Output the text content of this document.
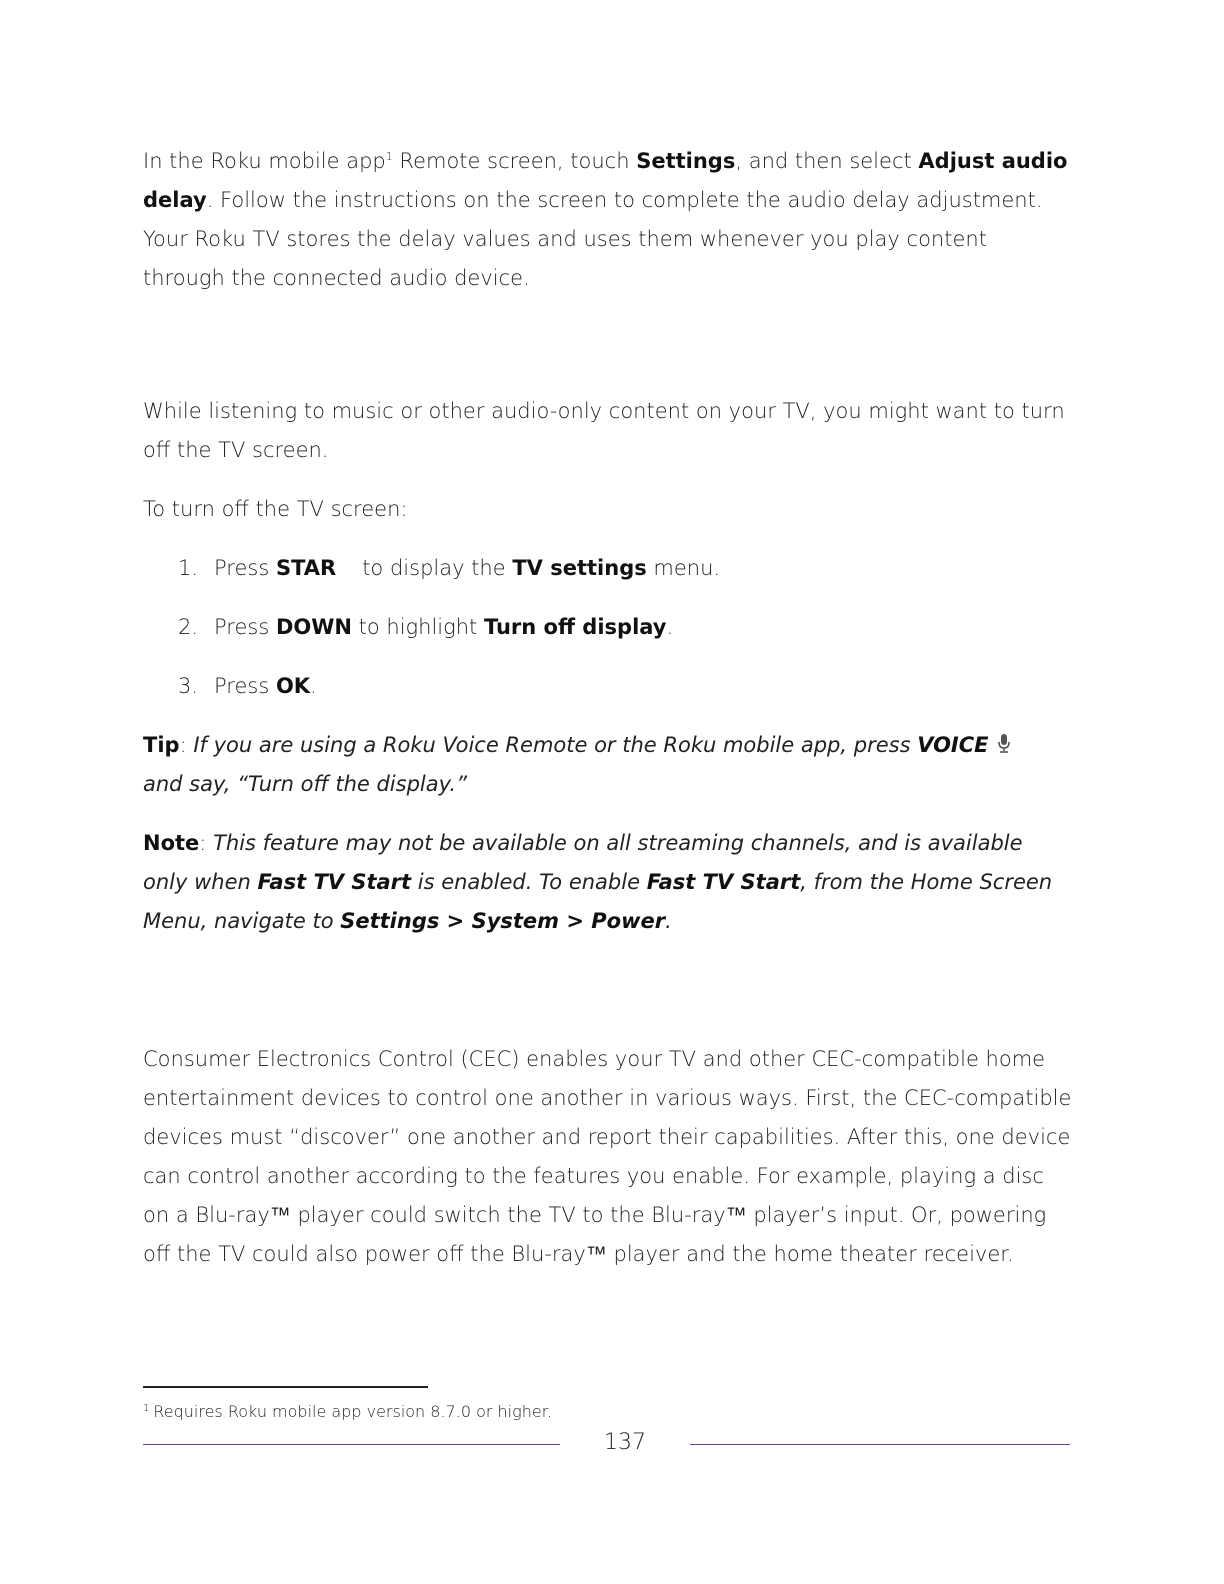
In the Roku mobile app$^1$ Remote screen, touch Settings, and then select Adjust audio delay. Follow the instructions on the screen to complete the audio delay adjustment. Your Roku TV stores the delay values and uses them whenever you play content through the connected audio device.

While listening to music or other audio-only content on your TV, you might want to turn off the TV screen.

To turn off the TV screen:

1. Press STAR to display the TV settings menu.
2. Press DOWN to highlight Turn off display.
3. Press OK.

Tip: If you are using a Roku Voice Remote or the Roku mobile app, press VOICE
and say, “Turn off the display.”

Note: This feature may not be available on all streaming channels, and is available only when Fast TV Start is enabled. To enable Fast TV Start, from the Home Screen Menu, navigate to Settings > System > Power.

Consumer Electronics Control (CEC) enables your TV and other CEC-compatible home entertainment devices to control one another in various ways. First, the CEC-compatible devices must “discover” one another and report their capabilities. After this, one device can control another according to the features you enable. For example, playing a disc on a Blu-ray™ player could switch the TV to the Blu-ray™ player’s input. Or, powering off the TV could also power off the Blu-ray™ player and the home theater receiver.

$^1$ Requires Roku mobile app version 8.7.0 or higher.
137
